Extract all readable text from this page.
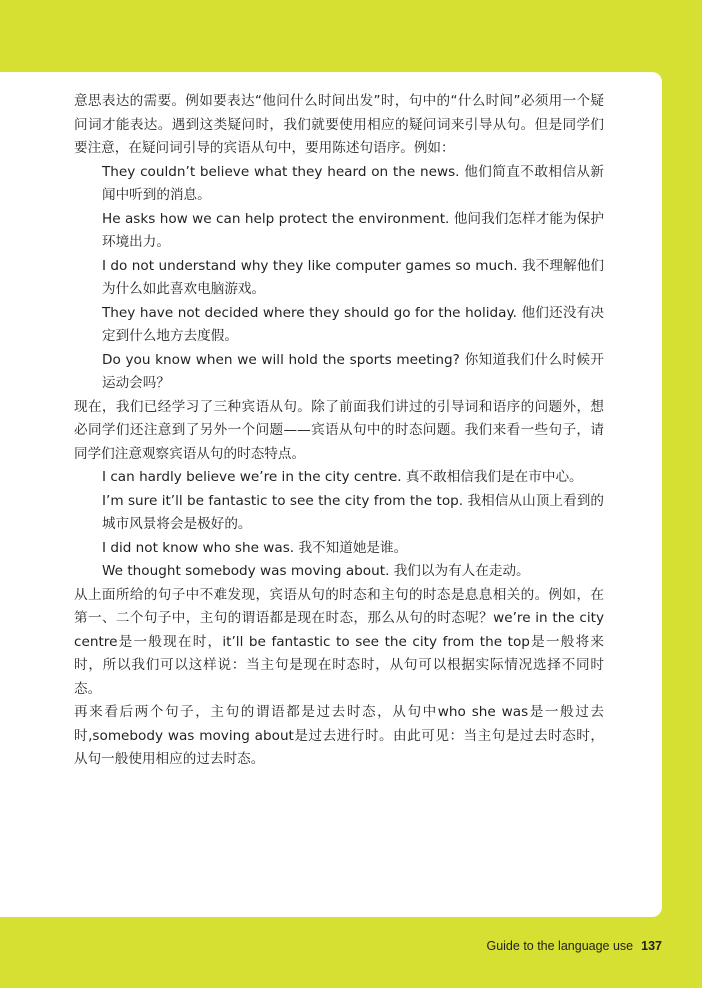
意思表达的需要。例如要表达“他问什么时间出发”时，句中的“什么时间”必须用一个疑问词才能表达。遇到这类疑问时，我们就要使用相应的疑问词来引导从句。但是同学们要注意，在疑问词引导的宾语从句中，要用陈述句语序。例如：

They couldn’t believe what they heard on the news. 他们简直不敢相信从新闻中听到的消息。

He asks how we can help protect the environment. 他问我们怎样才能为保护环境出力。

I do not understand why they like computer games so much. 我不理解他们为什么如此喜欢电脑游戏。

They have not decided where they should go for the holiday. 他们还没有决定到什么地方去度假。

Do you know when we will hold the sports meeting? 你知道我们什么时候开运动会吗？

现在，我们已经学习了三种宾语从句。除了前面我们讲过的引导词和语序的问题外，想必同学们还注意到了另外一个问题——宾语从句中的时态问题。我们来看一些句子，请同学们注意观察宾语从句的时态特点。

I can hardly believe we’re in the city centre. 真不敢相信我们是在市中心。

I’m sure it’ll be fantastic to see the city from the top. 我相信从山顶上看到的城市风景将会是极好的。

I did not know who she was. 我不知道她是谁。

We thought somebody was moving about. 我们以为有人在走动。

从上面所给的句子中不难发现，宾语从句的时态和主句的时态是息息相关的。例如，在第一、二个句子中，主句的谓语都是现在时态，那么从句的时态呢？we’re in the city centre是一般现在时，it’ll be fantastic to see the city from the top是一般将来时，所以我们可以这样说：当主句是现在时态时，从句可以根据实际情况选择不同时态。

再来看后两个句子，主句的谓语都是过去时态，从句中who she was是一般过去时,somebody was moving about是过去进行时。由此可见：当主句是过去时态时，从句一般使用相应的过去时态。

Guide to the language use 137
